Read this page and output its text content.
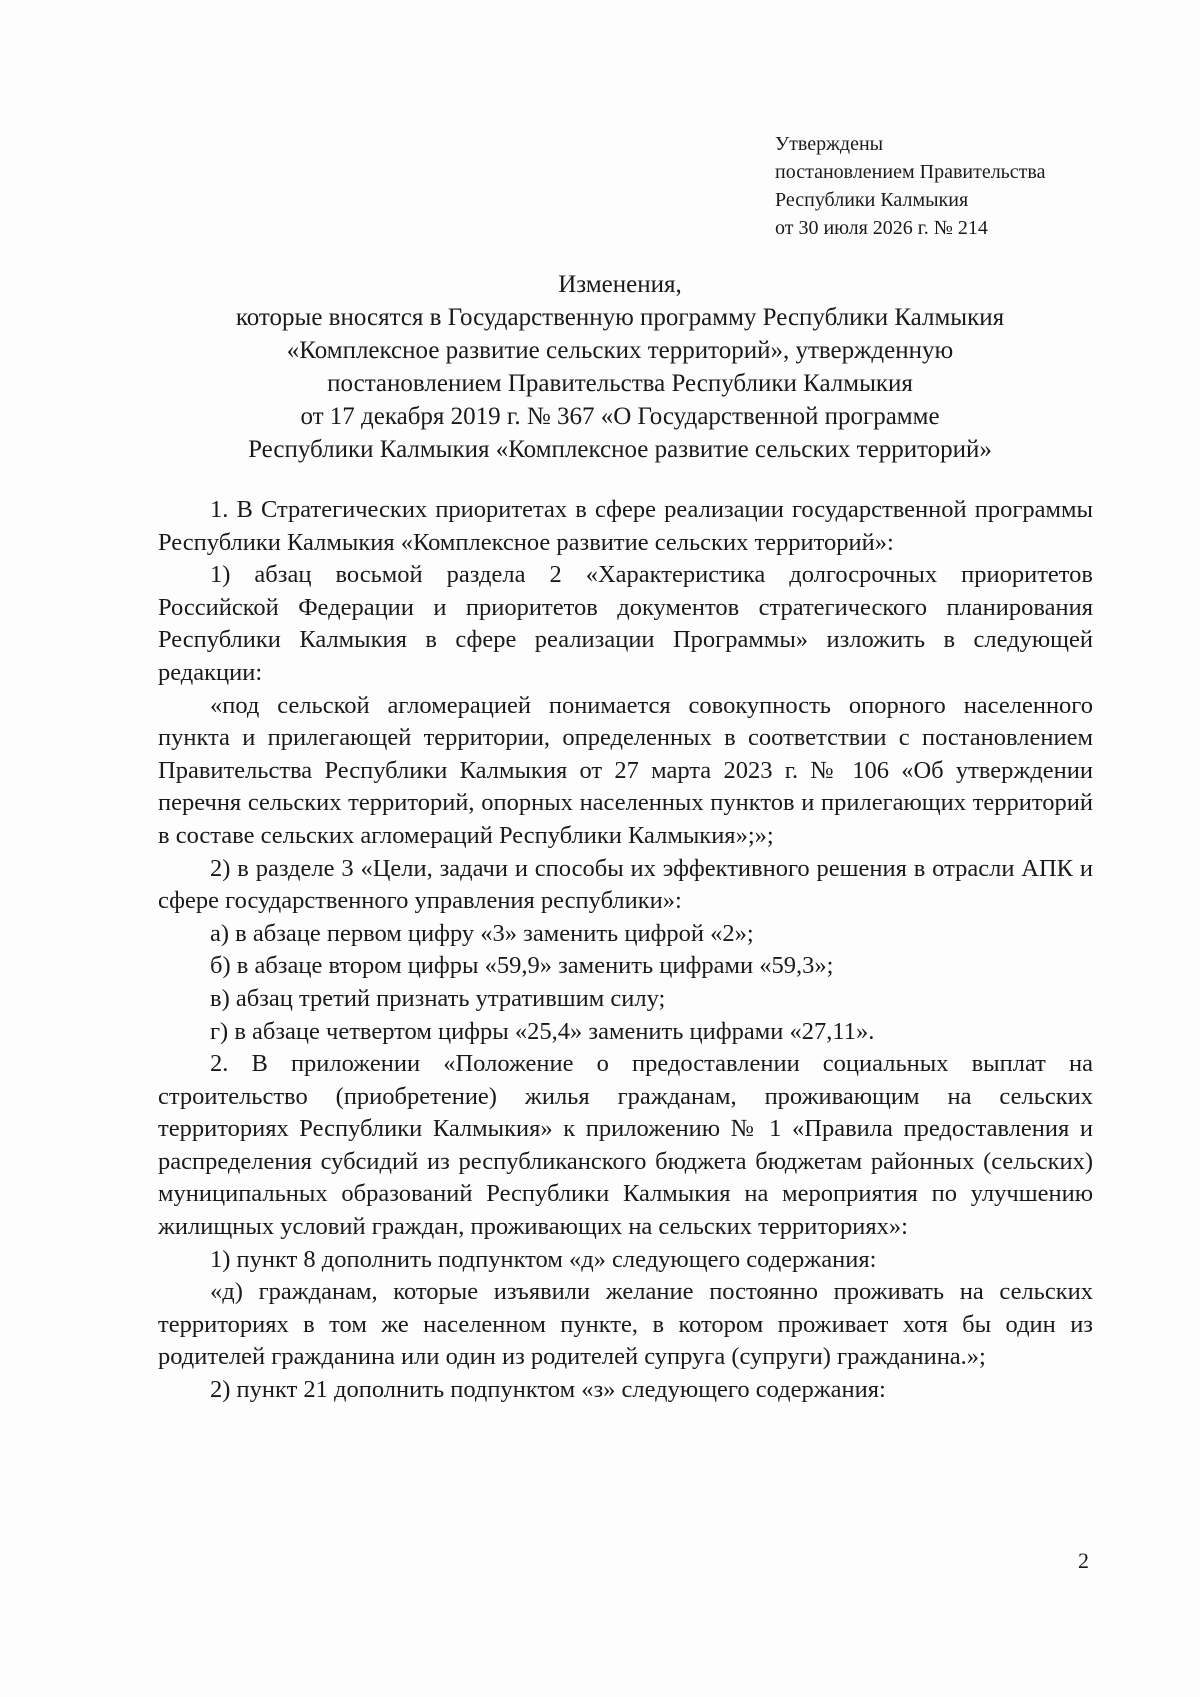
Утверждены
постановлением Правительства
Республики Калмыкия
от 30 июля 2026 г. № 214
Изменения,
которые вносятся в Государственную программу Республики Калмыкия
«Комплексное развитие сельских территорий», утвержденную
постановлением Правительства Республики Калмыкия
от 17 декабря 2019 г. № 367 «О Государственной программе
Республики Калмыкия «Комплексное развитие сельских территорий»

1. В Стратегических приоритетах в сфере реализации государственной программы Республики Калмыкия «Комплексное развитие сельских территорий»:

1) абзац восьмой раздела 2 «Характеристика долгосрочных приоритетов Российской Федерации и приоритетов документов стратегического планирования Республики Калмыкия в сфере реализации Программы» изложить в следующей редакции:

«под сельской агломерацией понимается совокупность опорного населенного пункта и прилегающей территории, определенных в соответствии с постановлением Правительства Республики Калмыкия от 27 марта 2023 г. № 106 «Об утверждении перечня сельских территорий, опорных населенных пунктов и прилегающих территорий в составе сельских агломераций Республики Калмыкия»;»;

2) в разделе 3 «Цели, задачи и способы их эффективного решения в отрасли АПК и сфере государственного управления республики»:

а) в абзаце первом цифру «3» заменить цифрой «2»;

б) в абзаце втором цифры «59,9» заменить цифрами «59,3»;

в) абзац третий признать утратившим силу;

г) в абзаце четвертом цифры «25,4» заменить цифрами «27,11».

2. В приложении «Положение о предоставлении социальных выплат на строительство (приобретение) жилья гражданам, проживающим на сельских территориях Республики Калмыкия» к приложению № 1 «Правила предоставления и распределения субсидий из республиканского бюджета бюджетам районных (сельских) муниципальных образований Республики Калмыкия на мероприятия по улучшению жилищных условий граждан, проживающих на сельских территориях»:

1) пункт 8 дополнить подпунктом «д» следующего содержания:

«д) гражданам, которые изъявили желание постоянно проживать на сельских территориях в том же населенном пункте, в котором проживает хотя бы один из родителей гражданина или один из родителей супруга (супруги) гражданина.»;

2) пункт 21 дополнить подпунктом «з» следующего содержания:

2
